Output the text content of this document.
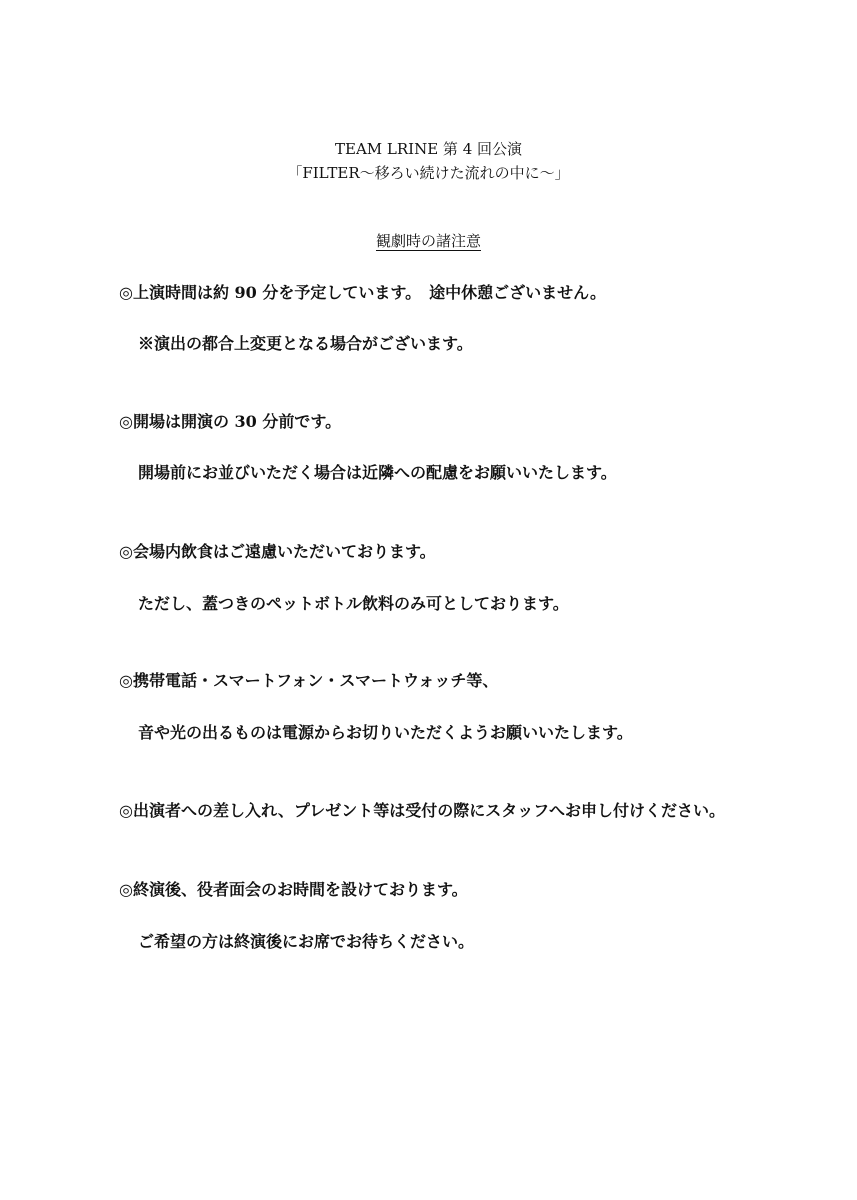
TEAM LRINE 第 4 回公演
「FILTER～移ろい続けた流れの中に～」
観劇時の諸注意
◎上演時間は約 90 分を予定しています。　途中休憩ございません。
※演出の都合上変更となる場合がございます。
◎開場は開演の 30 分前です。
開場前にお並びいただく場合は近隣への配慮をお願いいたします。
◎会場内飲食はご遠慮いただいております。
ただし、蓋つきのペットボトル飲料のみ可としております。
◎携帯電話・スマートフォン・スマートウォッチ等、
音や光の出るものは電源からお切りいただくようお願いいたします。
◎出演者への差し入れ、プレゼント等は受付の際にスタッフへお申し付けください。
◎終演後、役者面会のお時間を設けております。
ご希望の方は終演後にお席でお待ちください。
